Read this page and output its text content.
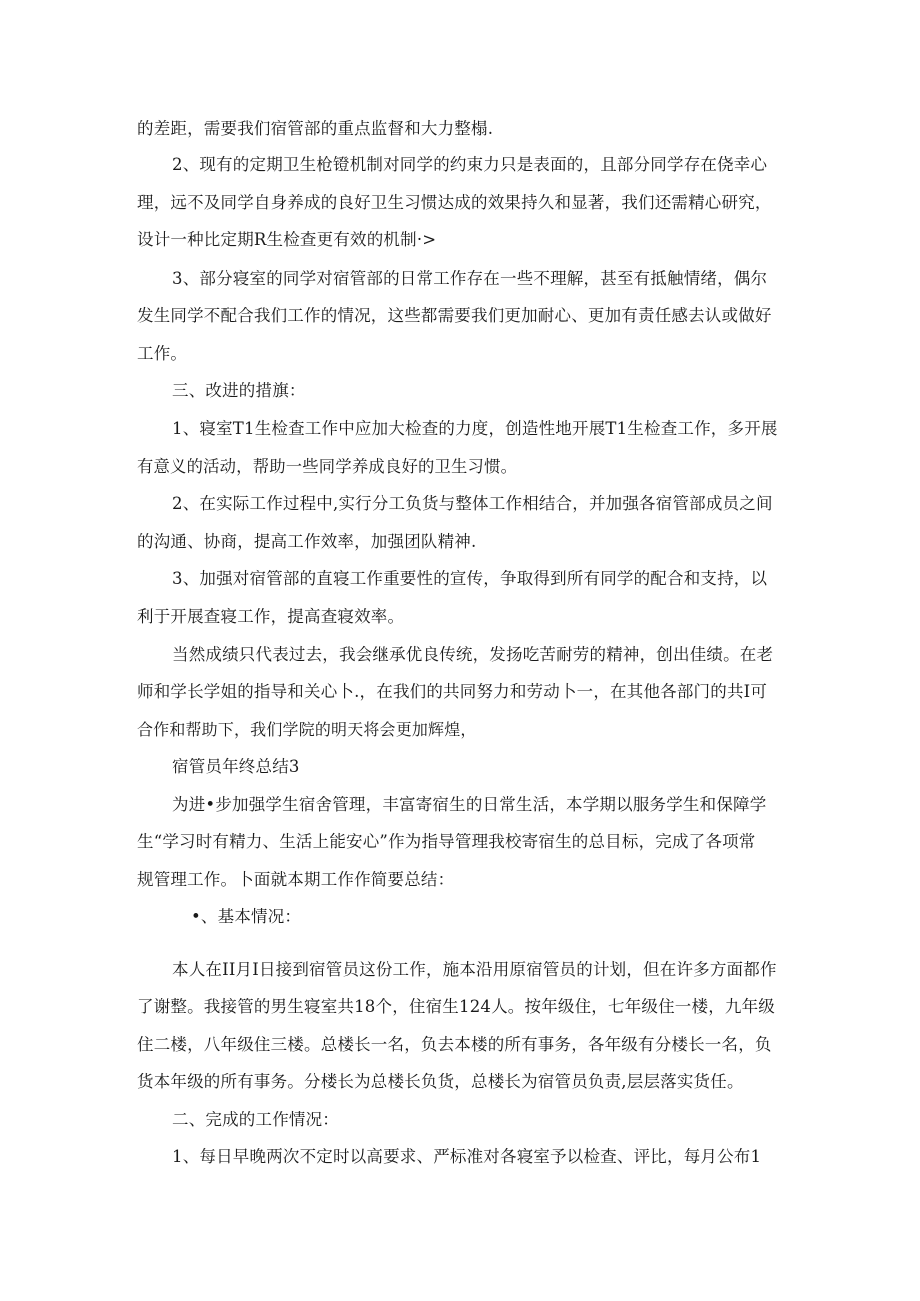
的差距，需要我们宿管部的重点监督和大力整榻.
2、现有的定期卫生枪镫机制对同学的约束力只是表面的，且部分同学存在侥幸心
理，远不及同学自身养成的良好卫生习惯达成的效果持久和显著，我们还需精心研究，
设计一种比定期R生检查更有效的机制·>
3、部分寝室的同学对宿管部的日常工作存在一些不理解，甚至有抵触情绪，偶尔
发生同学不配合我们工作的情况，这些都需要我们更加耐心、更加有责任感去认或做好
工作。
三、改进的措旗：
1、寝室T1生检查工作中应加大检查的力度，创造性地开展T1生检查工作，多开展
有意义的活动，帮助一些同学养成良好的卫生习惯。
2、在实际工作过程中,实行分工负货与整体工作相结合，并加强各宿管部成员之间
的沟通、协商，提高工作效率，加强团队精神.
3、加强对宿管部的直寝工作重要性的宣传，争取得到所有同学的配合和支持，以
利于开展查寝工作，提高查寝效率。
当然成绩只代表过去，我会继承优良传统，发扬吃苦耐劳的精神，创出佳绩。在老
师和学长学姐的指导和关心卜.，在我们的共同努力和劳动卜一，在其他各部门的共I可
合作和帮助下，我们学院的明天将会更加辉煌，
宿管员年终总结3
为进•步加强学生宿舍管理，丰富寄宿生的日常生活，本学期以服务学生和保障学
生“学习时有精力、生活上能安心”作为指导管理我校寄宿生的总目标，完成了各项常
规管理工作。卜面就本期工作作简要总结：
•、基本情况：
本人在II月I日接到宿管员这份工作，施本沿用原宿管员的计划，但在许多方面都作
了谢整。我接管的男生寝室共18个，住宿生124人。按年级住，七年级住一楼，九年级
住二楼，八年级住三楼。总楼长一名，负去本楼的所有事务，各年级有分楼长一名，负
货本年级的所有事务。分楼长为总楼长负货，总楼长为宿管员负责,层层落实货任。
二、完成的工作情况：
1、每日早晚两次不定时以高要求、严标准对各寝室予以检查、评比，每月公布1
